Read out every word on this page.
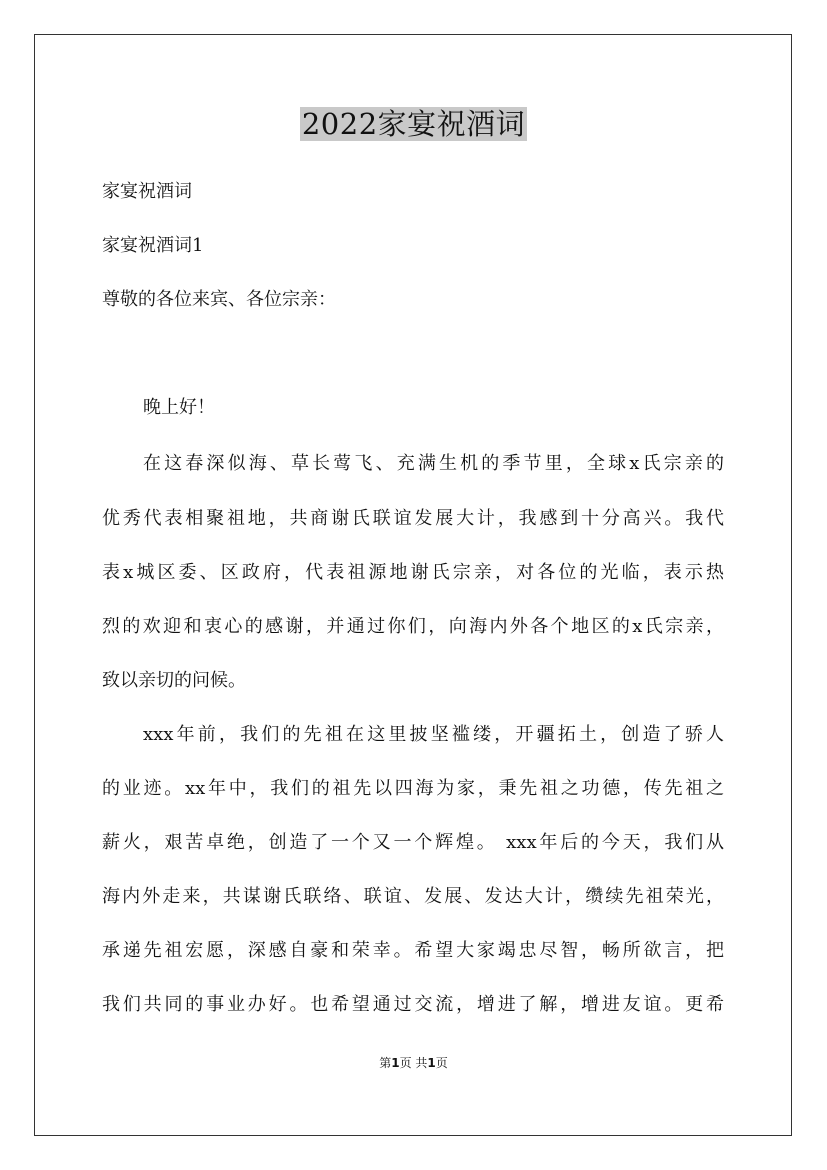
2022家宴祝酒词

家宴祝酒词

家宴祝酒词1

尊敬的各位来宾、各位宗亲：

晚上好！

在这春深似海、草长莺飞、充满生机的季节里，全球x氏宗亲的

优秀代表相聚祖地，共商谢氏联谊发展大计，我感到十分高兴。我代

表x城区委、区政府，代表祖源地谢氏宗亲，对各位的光临，表示热

烈的欢迎和衷心的感谢，并通过你们，向海内外各个地区的x氏宗亲，

致以亲切的问候。

xxx年前，我们的先祖在这里披坚褴缕，开疆拓土，创造了骄人

的业迹。xx年中，我们的祖先以四海为家，秉先祖之功德，传先祖之

薪火，艰苦卓绝，创造了一个又一个辉煌。 xxx年后的今天，我们从

海内外走来，共谋谢氏联络、联谊、发展、发达大计，缵续先祖荣光，

承递先祖宏愿，深感自豪和荣幸。希望大家竭忠尽智，畅所欲言，把

我们共同的事业办好。也希望通过交流，增进了解，增进友谊。更希

第1页 共1页
